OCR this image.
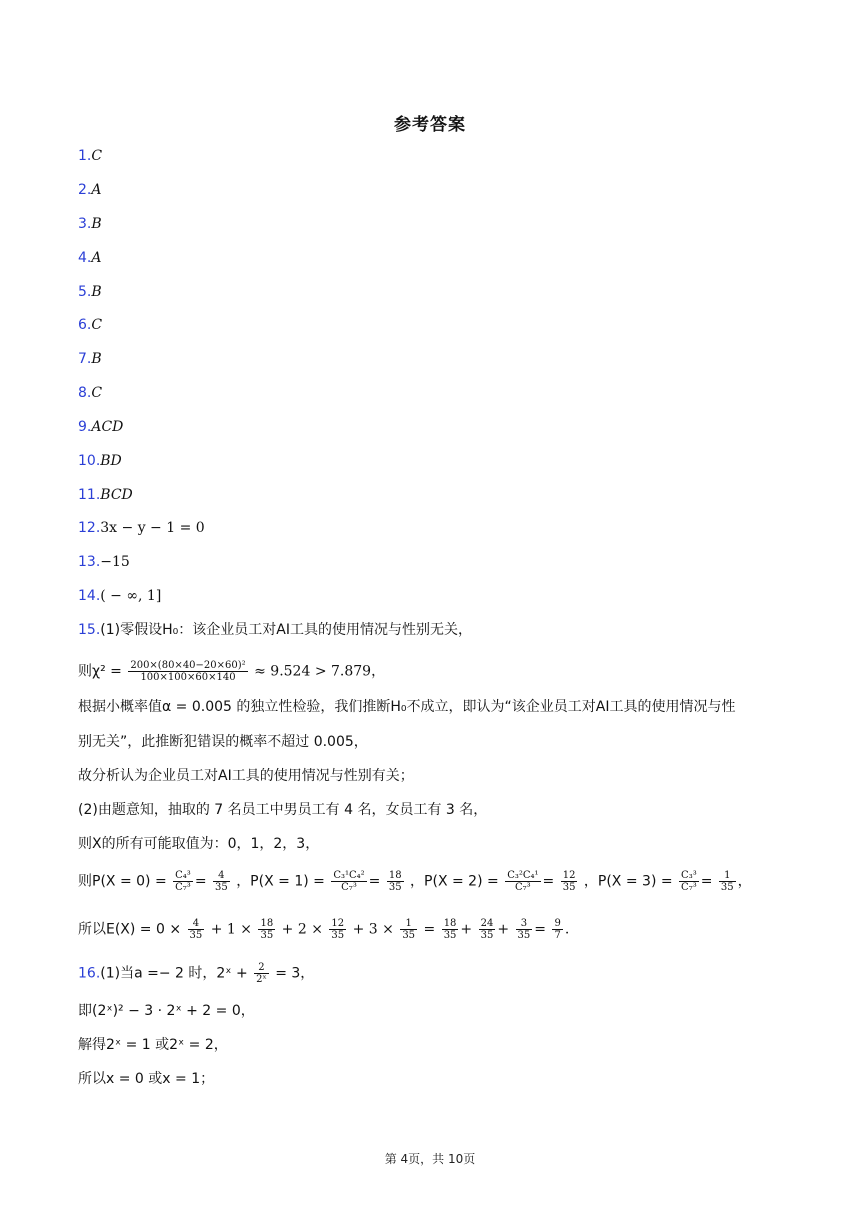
参考答案
1.C
2.A
3.B
4.A
5.B
6.C
7.B
8.C
9.ACD
10.BD
11.BCD
12.3x − y − 1 = 0
13.−15
14.( − ∞, 1]
15.(1)零假设H₀：该企业员工对AI工具的使用情况与性别无关，
则$\chi^2 = \frac{\text{200×(80×40−20×60)²}}{100\times 100\times 60\times 140} \approx 9.524 > 7.879$，
根据小概率值α = 0.005 的独立性检验，我们推断H₀不成立，即认为“该企业员工对AI工具的使用情况与性
别无关”，此推断犯错误的概率不超过 0.005，
故分析认为企业员工对AI工具的使用情况与性别有关；
(2)由题意知，抽取的 7 名员工中男员工有 4 名，女员工有 3 名，
则X的所有可能取值为：0，1，2，3，
则$P(X = 0) = \frac{\text{C₄³}}{\text{C₇³}} = \frac{4}{35}$ ，$P(X = 1) = \frac{\text{C₃¹C₄²}}{\text{C₇³}} = \frac{18}{35}$ ，$P(X = 2) = \frac{\text{C₃²C₄¹}}{\text{C₇³}} = \frac{12}{35}$ ，$P(X = 3) = \frac{\text{C₃³}}{\text{C₇³}} = \frac{1}{35}$ ，
所以$E(X) = 0 \times \frac{4}{35} + 1 \times \frac{18}{35} + 2 \times \frac{12}{35} + 3 \times \frac{1}{35} = \frac{18}{35} + \frac{24}{35} + \frac{3}{35} = \frac{9}{7}$ .
16.(1)当a =− 2 时，2ˣ + $\frac{2}{\text{2ˣ}} = 3$，
即(2ˣ)² − 3 · 2ˣ + 2 = 0，
解得2ˣ = 1 或2ˣ = 2，
所以x = 0 或x = 1；
第 4页，共 10页
